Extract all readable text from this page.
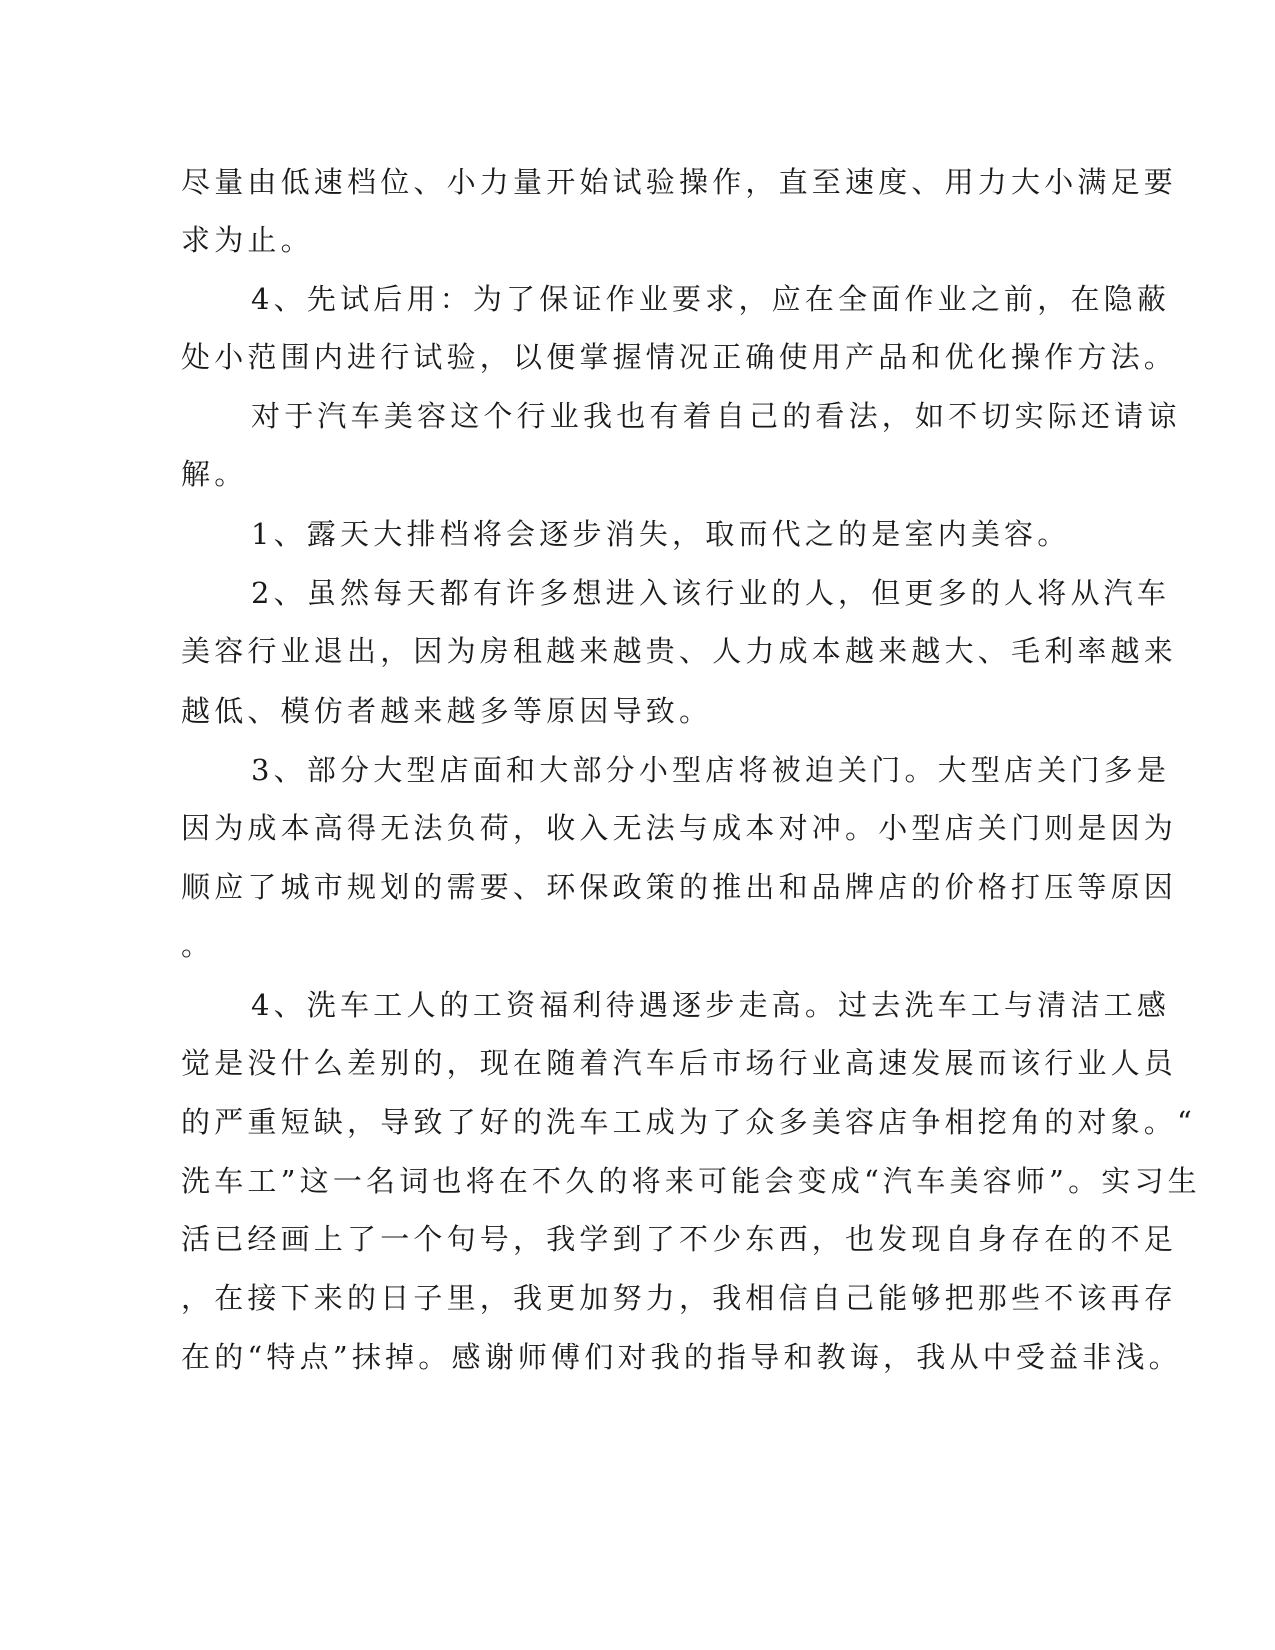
尽量由低速档位、小力量开始试验操作，直至速度、用力大小满足要
求为止。
4、先试后用：为了保证作业要求，应在全面作业之前，在隐蔽
处小范围内进行试验，以便掌握情况正确使用产品和优化操作方法。
对于汽车美容这个行业我也有着自己的看法，如不切实际还请谅
解。
1、露天大排档将会逐步消失，取而代之的是室内美容。
2、虽然每天都有许多想进入该行业的人，但更多的人将从汽车
美容行业退出，因为房租越来越贵、人力成本越来越大、毛利率越来
越低、模仿者越来越多等原因导致。
3、部分大型店面和大部分小型店将被迫关门。大型店关门多是
因为成本高得无法负荷，收入无法与成本对冲。小型店关门则是因为
顺应了城市规划的需要、环保政策的推出和品牌店的价格打压等原因
。
4、洗车工人的工资福利待遇逐步走高。过去洗车工与清洁工感
觉是没什么差别的，现在随着汽车后市场行业高速发展而该行业人员
的严重短缺，导致了好的洗车工成为了众多美容店争相挖角的对象。“
洗车工”这一名词也将在不久的将来可能会变成“汽车美容师”。实习生
活已经画上了一个句号，我学到了不少东西，也发现自身存在的不足
，在接下来的日子里，我更加努力，我相信自己能够把那些不该再存
在的“特点”抹掉。感谢师傅们对我的指导和教诲，我从中受益非浅。
